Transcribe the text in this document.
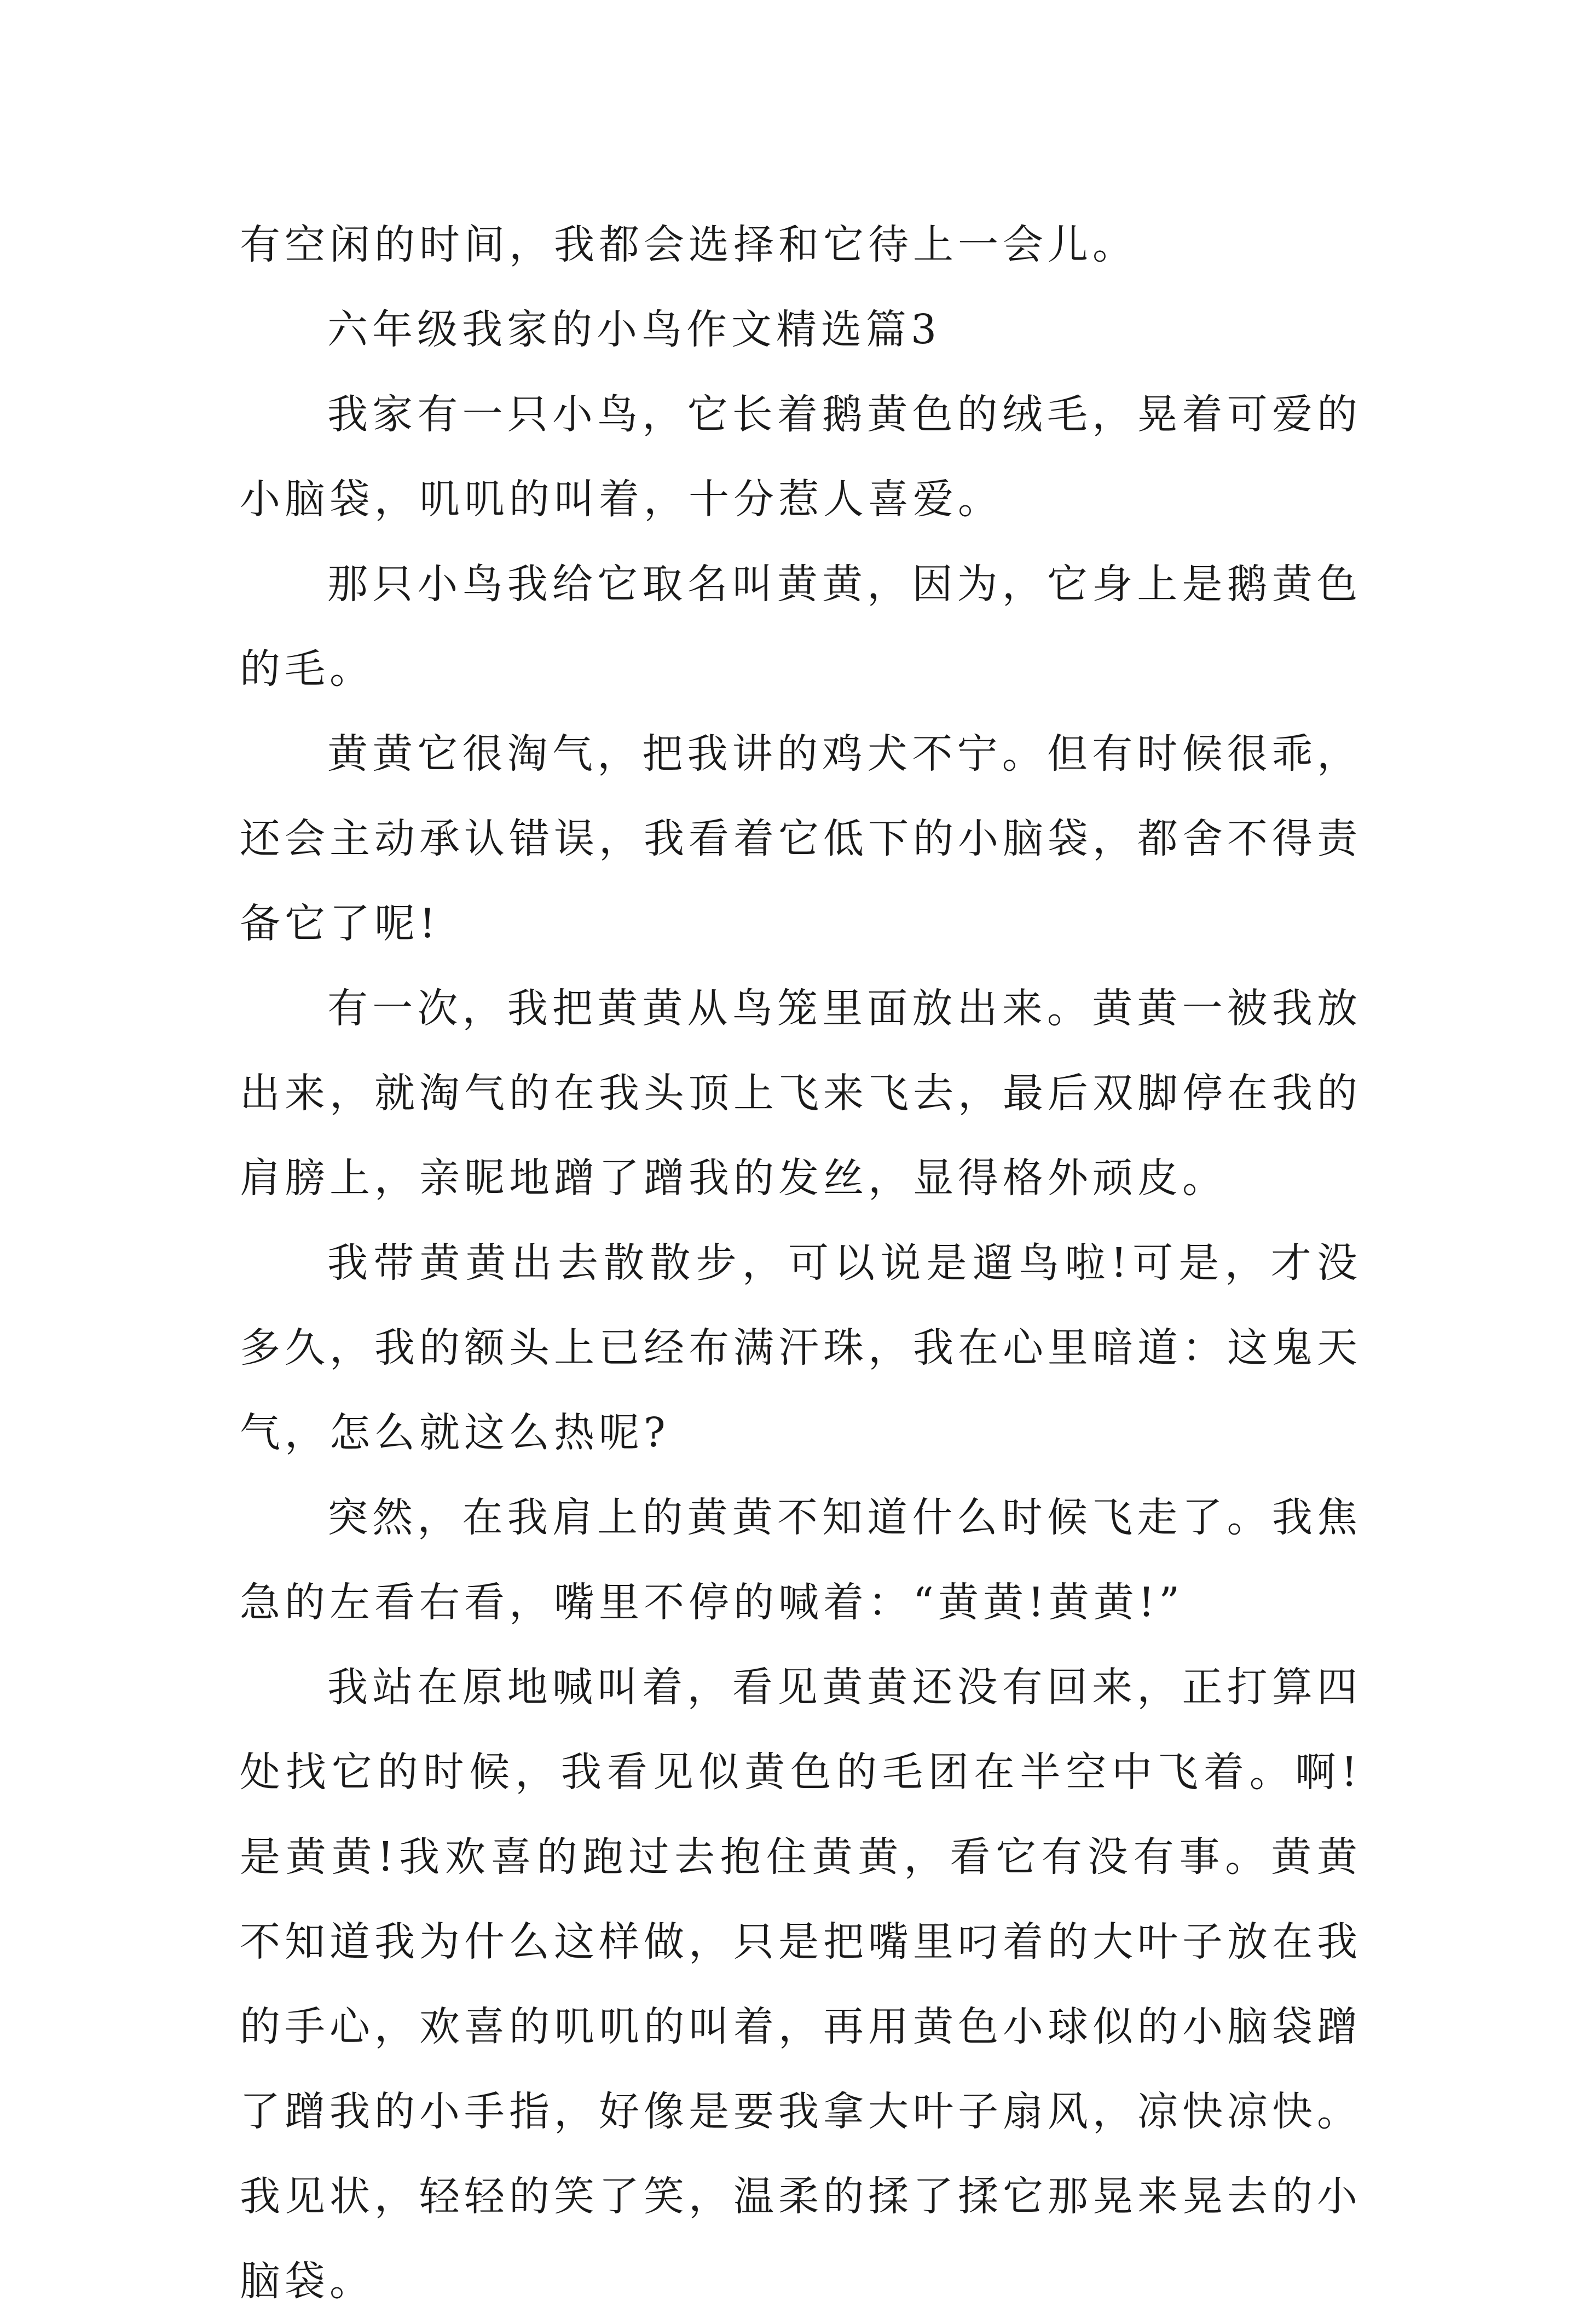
有空闲的时间，我都会选择和它待上一会儿。

六年级我家的小鸟作文精选篇3

我家有一只小鸟，它长着鹅黄色的绒毛，晃着可爱的小脑袋，叽叽的叫着，十分惹人喜爱。

那只小鸟我给它取名叫黄黄，因为，它身上是鹅黄色的毛。

黄黄它很淘气，把我讲的鸡犬不宁。但有时候很乖，还会主动承认错误，我看着它低下的小脑袋，都舍不得责备它了呢!

有一次，我把黄黄从鸟笼里面放出来。黄黄一被我放出来，就淘气的在我头顶上飞来飞去，最后双脚停在我的肩膀上，亲昵地蹭了蹭我的发丝，显得格外顽皮。

我带黄黄出去散散步，可以说是遛鸟啦!可是，才没多久，我的额头上已经布满汗珠，我在心里暗道：这鬼天气，怎么就这么热呢?

突然，在我肩上的黄黄不知道什么时候飞走了。我焦急的左看右看，嘴里不停的喊着：“黄黄!黄黄!”

我站在原地喊叫着，看见黄黄还没有回来，正打算四处找它的时候，我看见似黄色的毛团在半空中飞着。啊!是黄黄!我欢喜的跑过去抱住黄黄，看它有没有事。黄黄不知道我为什么这样做，只是把嘴里叼着的大叶子放在我的手心，欢喜的叽叽的叫着，再用黄色小球似的小脑袋蹭了蹭我的小手指，好像是要我拿大叶子扇风，凉快凉快。我见状，轻轻的笑了笑，温柔的揉了揉它那晃来晃去的小脑袋。
